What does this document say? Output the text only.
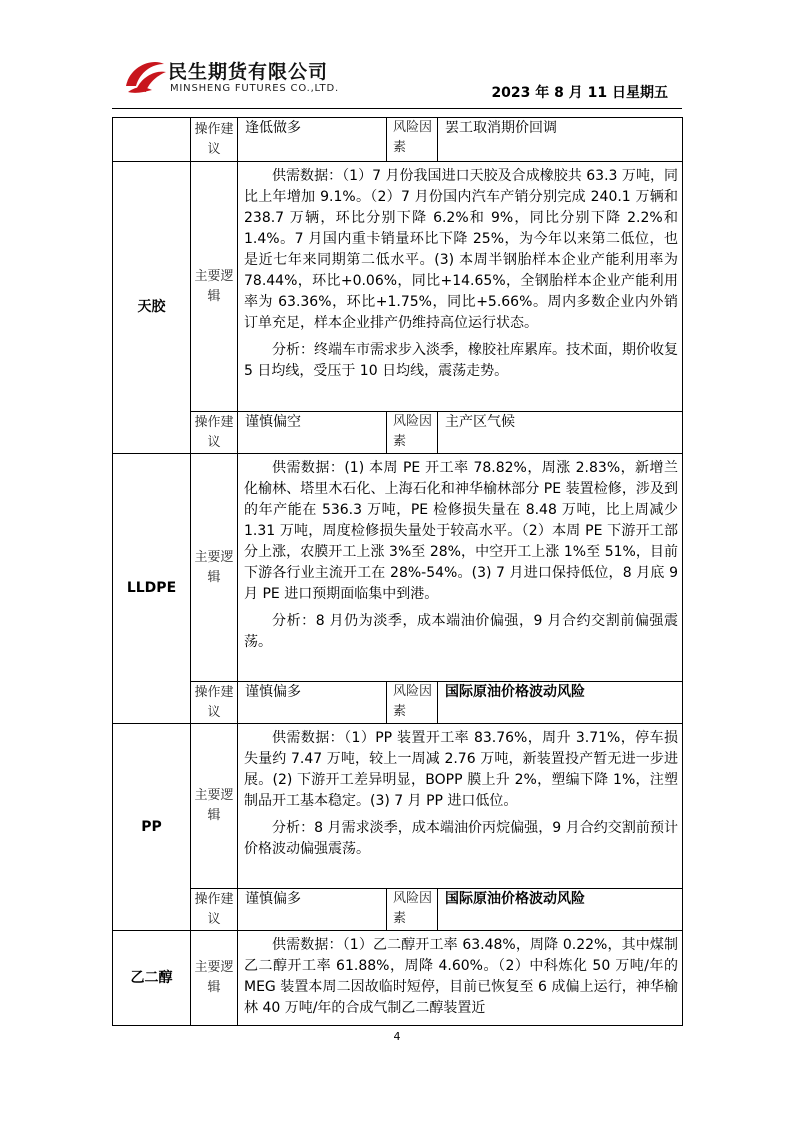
民生期货有限公司
MINSHENG FUTURES CO.,LTD.	2023 年 8 月 11 日星期五
	操作建议	逢低做多	风险因素	罢工取消期价回调
天胶	主要逻辑	供需数据：（1）7 月份我国进口天胶及合成橡胶共 63.3 万吨，同比上年增加 9.1%。（2）7 月份国内汽车产销分别完成 240.1 万辆和 238.7 万辆，环比分别下降 6.2%和 9%，同比分别下降 2.2%和 1.4%。7 月国内重卡销量环比下降 25%，为今年以来第二低位，也是近七年来同期第二低水平。(3) 本周半钢胎样本企业产能利用率为 78.44%，环比+0.06%，同比+14.65%，全钢胎样本企业产能利用率为 63.36%，环比+1.75%，同比+5.66%。周内多数企业内外销订单充足，样本企业排产仍维持高位运行状态。

分析：终端车市需求步入淡季，橡胶社库累库。技术面，期价收复 5 日均线，受压于 10 日均线，震荡走势。		

	操作建议	谨慎偏空	风险因素	主产区气候
LLDPE	主要逻辑	供需数据：(1) 本周 PE 开工率 78.82%，周涨 2.83%，新增兰化榆林、塔里木石化、上海石化和神华榆林部分 PE 装置检修，涉及到的年产能在 536.3 万吨，PE 检修损失量在 8.48 万吨，比上周减少 1.31 万吨，周度检修损失量处于较高水平。（2）本周 PE 下游开工部分上涨，农膜开工上涨 3%至 28%，中空开工上涨 1%至 51%，目前下游各行业主流开工在 28%-54%。(3) 7 月进口保持低位，8 月底 9 月 PE 进口预期面临集中到港。

分析：8 月仍为淡季，成本端油价偏强，9 月合约交割前偏强震荡。		

	操作建议	谨慎偏多	风险因素	国际原油价格波动风险
PP	主要逻辑	供需数据：（1）PP 装置开工率 83.76%，周升 3.71%，停车损失量约 7.47 万吨，较上一周减 2.76 万吨，新装置投产暂无进一步进展。(2) 下游开工差异明显，BOPP 膜上升 2%，塑编下降 1%，注塑制品开工基本稳定。(3) 7 月 PP 进口低位。

分析：8 月需求淡季，成本端油价丙烷偏强，9 月合约交割前预计价格波动偏强震荡。		

	操作建议	谨慎偏多	风险因素	国际原油价格波动风险
乙二醇	主要逻辑	供需数据：（1）乙二醇开工率 63.48%，周降 0.22%，其中煤制乙二醇开工率 61.88%，周降 4.60%。（2）中科炼化 50 万吨/年的 MEG 装置本周二因故临时短停，目前已恢复至 6 成偏上运行，神华榆林 40 万吨/年的合成气制乙二醇装置近		

4
